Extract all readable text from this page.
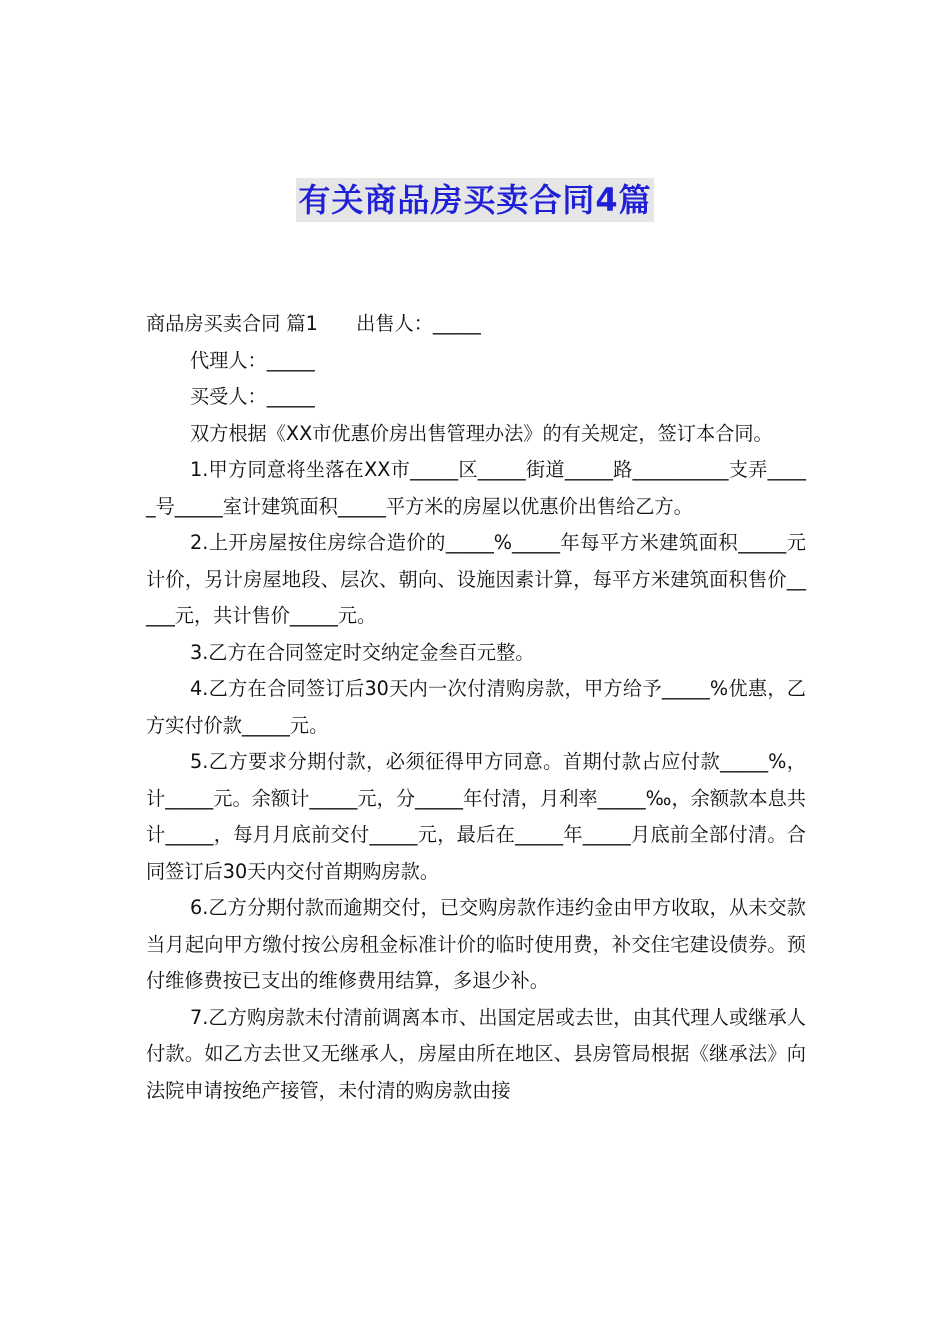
有关商品房买卖合同4篇

商品房买卖合同 篇1　　出售人：_____

代理人：_____

买受人：_____

双方根据《XX市优惠价房出售管理办法》的有关规定，签订本合同。

1.甲方同意将坐落在XX市_____区_____街道_____路__________支弄_____号_____室计建筑面积_____平方米的房屋以优惠价出售给乙方。

2.上开房屋按住房综合造价的_____%_____年每平方米建筑面积_____元计价，另计房屋地段、层次、朝向、设施因素计算，每平方米建筑面积售价_____元，共计售价_____元。

3.乙方在合同签定时交纳定金叁百元整。

4.乙方在合同签订后30天内一次付清购房款，甲方给予_____%优惠，乙方实付价款_____元。

5.乙方要求分期付款，必须征得甲方同意。首期付款占应付款_____%，计_____元。余额计_____元，分_____年付清，月利率_____‰，余额款本息共计_____，每月月底前交付_____元，最后在_____年_____月底前全部付清。合同签订后30天内交付首期购房款。

6.乙方分期付款而逾期交付，已交购房款作违约金由甲方收取，从未交款当月起向甲方缴付按公房租金标准计价的临时使用费，补交住宅建设债券。预付维修费按已支出的维修费用结算，多退少补。

7.乙方购房款未付清前调离本市、出国定居或去世，由其代理人或继承人付款。如乙方去世又无继承人，房屋由所在地区、县房管局根据《继承法》向法院申请按绝产接管，未付清的购房款由接
